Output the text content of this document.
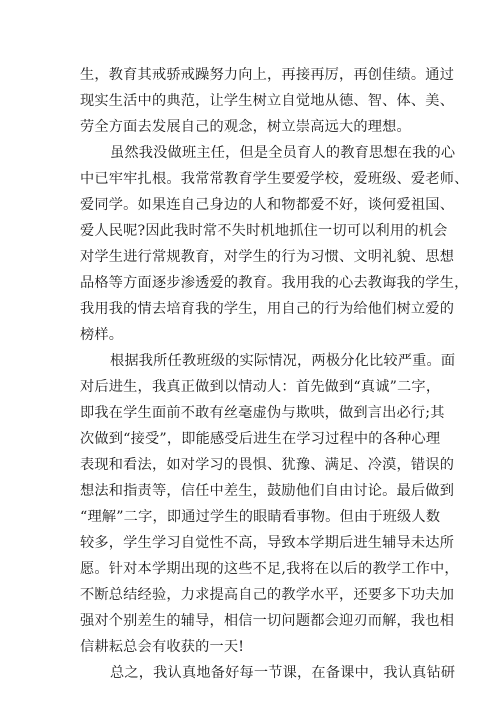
生，教育其戒骄戒躁努力向上，再接再厉，再创佳绩。通过
现实生活中的典范，让学生树立自觉地从德、智、体、美、
劳全方面去发展自己的观念，树立崇高远大的理想。
虽然我没做班主任，但是全员育人的教育思想在我的心
中已牢牢扎根。我常常教育学生要爱学校，爱班级、爱老师、
爱同学。如果连自己身边的人和物都爱不好，谈何爱祖国、
爱人民呢?因此我时常不失时机地抓住一切可以利用的机会
对学生进行常规教育，对学生的行为习惯、文明礼貌、思想
品格等方面逐步渗透爱的教育。我用我的心去教诲我的学生，
我用我的情去培育我的学生，用自己的行为给他们树立爱的
榜样。
根据我所任教班级的实际情况，两极分化比较严重。面
对后进生，我真正做到以情动人：首先做到“真诚”二字，
即我在学生面前不敢有丝毫虚伪与欺哄，做到言出必行;其
次做到“接受”，即能感受后进生在学习过程中的各种心理
表现和看法，如对学习的畏惧、犹豫、满足、冷漠，错误的
想法和指责等，信任中差生，鼓励他们自由讨论。最后做到
“理解”二字，即通过学生的眼睛看事物。但由于班级人数
较多，学生学习自觉性不高，导致本学期后进生辅导未达所
愿。针对本学期出现的这些不足,我将在以后的教学工作中，
不断总结经验，力求提高自己的教学水平，还要多下功夫加
强对个别差生的辅导，相信一切问题都会迎刃而解，我也相
信耕耘总会有收获的一天!
总之，我认真地备好每一节课，在备课中，我认真钻研
